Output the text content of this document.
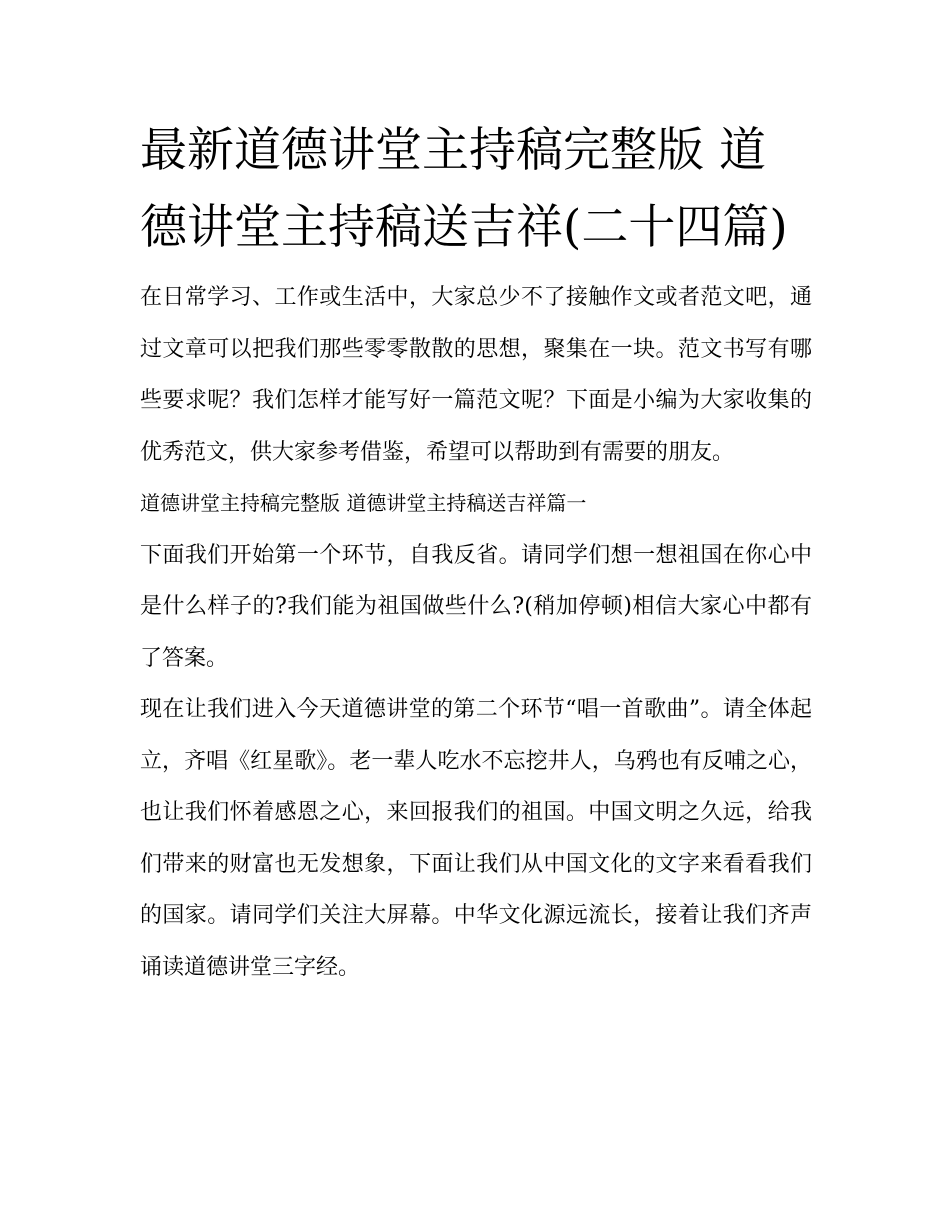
最新道德讲堂主持稿完整版 道德讲堂主持稿送吉祥(二十四篇)

在日常学习、工作或生活中，大家总少不了接触作文或者范文吧，通过文章可以把我们那些零零散散的思想，聚集在一块。范文书写有哪些要求呢？我们怎样才能写好一篇范文呢？下面是小编为大家收集的优秀范文，供大家参考借鉴，希望可以帮助到有需要的朋友。

道德讲堂主持稿完整版 道德讲堂主持稿送吉祥篇一

下面我们开始第一个环节，自我反省。请同学们想一想祖国在你心中是什么样子的?我们能为祖国做些什么?(稍加停顿)相信大家心中都有了答案。

现在让我们进入今天道德讲堂的第二个环节“唱一首歌曲”。请全体起立，齐唱《红星歌》。老一辈人吃水不忘挖井人，乌鸦也有反哺之心，也让我们怀着感恩之心，来回报我们的祖国。中国文明之久远，给我们带来的财富也无发想象，下面让我们从中国文化的文字来看看我们的国家。请同学们关注大屏幕。中华文化源远流长，接着让我们齐声诵读道德讲堂三字经。
